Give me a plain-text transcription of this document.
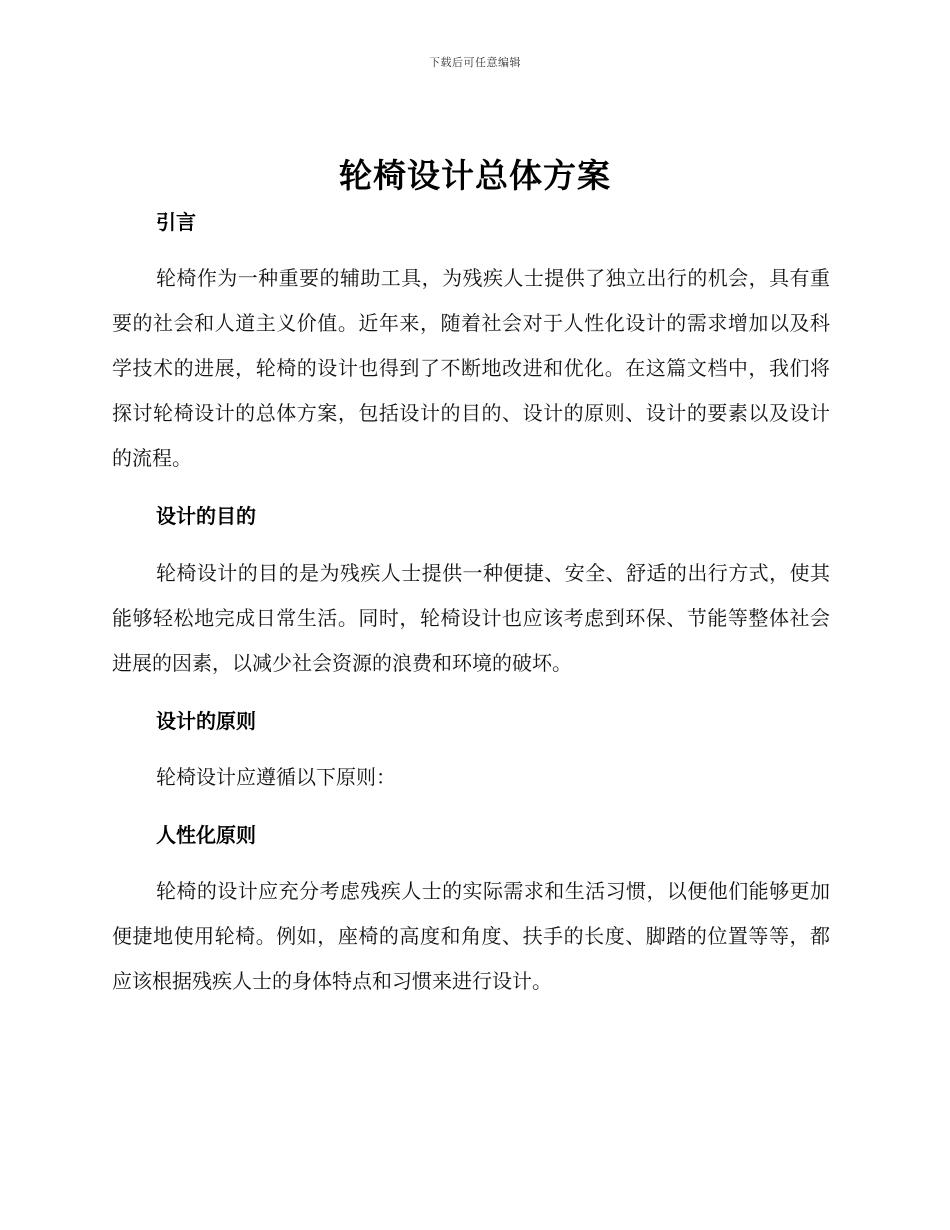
下载后可任意编辑
轮椅设计总体方案
引言

轮椅作为一种重要的辅助工具，为残疾人士提供了独立出行的机会，具有重要的社会和人道主义价值。近年来，随着社会对于人性化设计的需求增加以及科学技术的进展，轮椅的设计也得到了不断地改进和优化。在这篇文档中，我们将探讨轮椅设计的总体方案，包括设计的目的、设计的原则、设计的要素以及设计的流程。

设计的目的

轮椅设计的目的是为残疾人士提供一种便捷、安全、舒适的出行方式，使其能够轻松地完成日常生活。同时，轮椅设计也应该考虑到环保、节能等整体社会进展的因素，以减少社会资源的浪费和环境的破坏。

设计的原则

轮椅设计应遵循以下原则：

人性化原则

轮椅的设计应充分考虑残疾人士的实际需求和生活习惯，以便他们能够更加便捷地使用轮椅。例如，座椅的高度和角度、扶手的长度、脚踏的位置等等，都应该根据残疾人士的身体特点和习惯来进行设计。
